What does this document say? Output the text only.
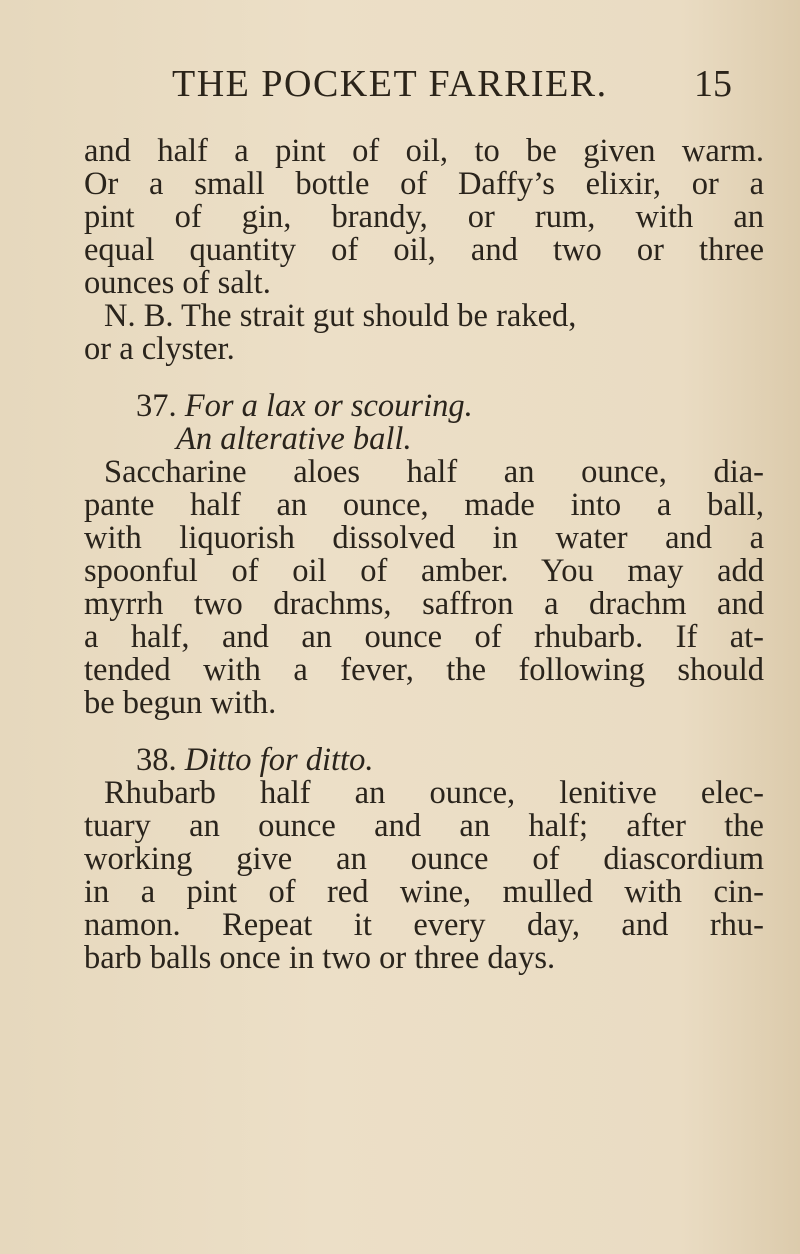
THE POCKET FARRIER. 15
and half a pint of oil, to be given warm.
Or a small bottle of Daffy’s elixir, or a
pint of gin, brandy, or rum, with an
equal quantity of oil, and two or three
ounces of salt.
N. B. The strait gut should be raked,
or a clyster.
37. For a lax or scouring.
An alterative ball.
Saccharine aloes half an ounce, dia-
pante half an ounce, made into a ball,
with liquorish dissolved in water and a
spoonful of oil of amber. You may add
myrrh two drachms, saffron a drachm and
a half, and an ounce of rhubarb. If at-
tended with a fever, the following should
be begun with.
38. Ditto for ditto.
Rhubarb half an ounce, lenitive elec-
tuary an ounce and an half; after the
working give an ounce of diascordium
in a pint of red wine, mulled with cin-
namon. Repeat it every day, and rhu-
barb balls once in two or three days.
